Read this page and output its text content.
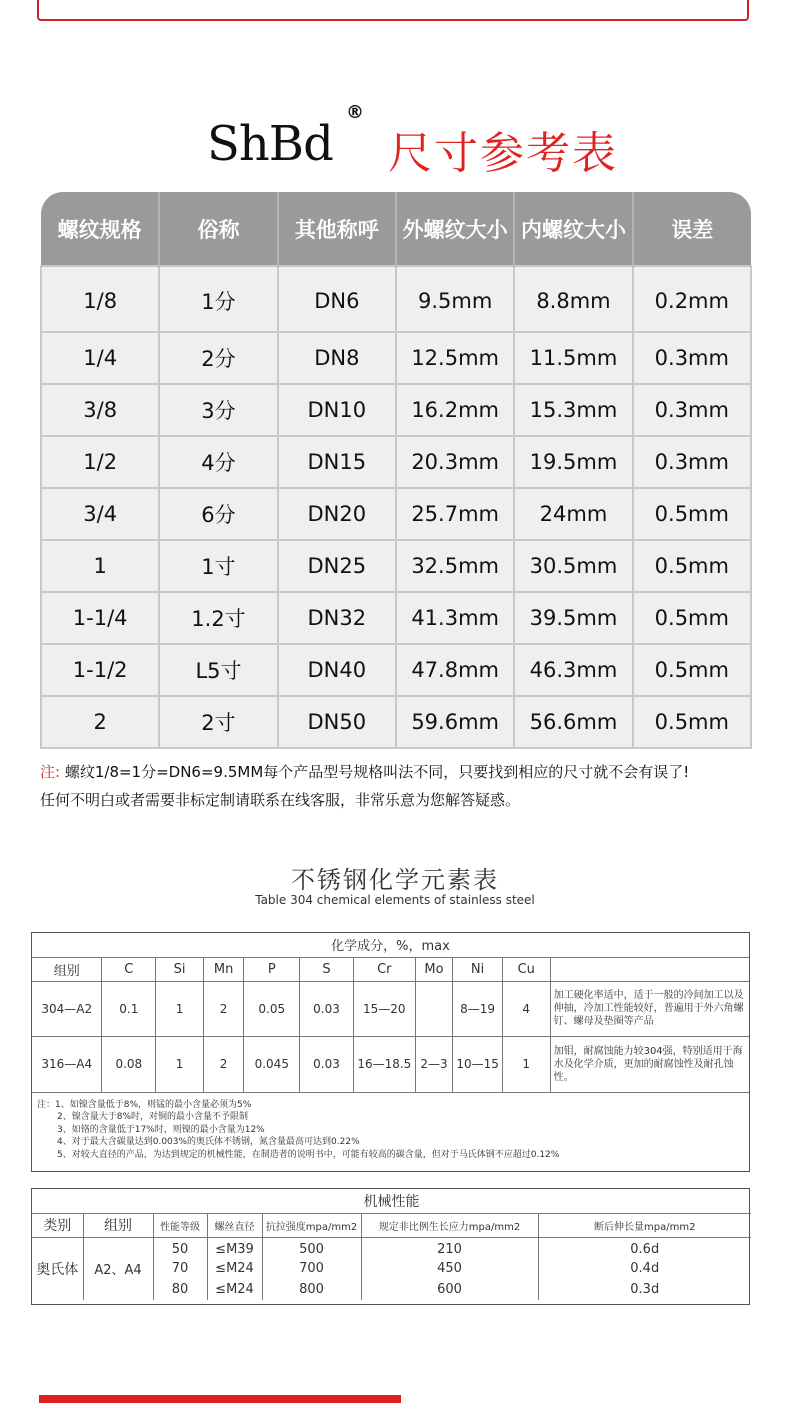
ShBd
®
尺寸参考表
螺纹规格	俗称	其他称呼	外螺纹大小	内螺纹大小	误差
1/8	1分	DN6	9.5mm	8.8mm	0.2mm
1/4	2分	DN8	12.5mm	11.5mm	0.3mm
3/8	3分	DN10	16.2mm	15.3mm	0.3mm
1/2	4分	DN15	20.3mm	19.5mm	0.3mm
3/4	6分	DN20	25.7mm	24mm	0.5mm
1	1寸	DN25	32.5mm	30.5mm	0.5mm
1-1/4	1.2寸	DN32	41.3mm	39.5mm	0.5mm
1-1/2	L5寸	DN40	47.8mm	46.3mm	0.5mm
2	2寸	DN50	59.6mm	56.6mm	0.5mm
注: 螺纹1/8=1分=DN6=9.5MM每个产品型号规格叫法不同，只要找到相应的尺寸就不会有误了!
任何不明白或者需要非标定制请联系在线客服，非常乐意为您解答疑惑。
不锈钢化学元素表
Table 304 chemical elements of stainless steel
化学成分，%，max										
组别	C	Si	Mn	P	S	Cr	Mo	Ni	Cu	
304—A2	0.1	1	2	0.05	0.03	15—20		8—19	4	加工硬化率适中，适于一般的冷间加工以及伸抽，冷加工性能较好，普遍用于外六角螺钉、螺母及垫圈等产品
316—A4	0.08	1	2	0.045	0.03	16—18.5	2—3	10—15	1	加钼，耐腐蚀能力较304强，特别适用于海水及化学介质，更加的耐腐蚀性及耐孔蚀性。
注：1、如镍含量低于8%，则锰的最小含量必须为5%
2、镍含量大于8%时，对铜的最小含量不予限制
3、如铬的含量低于17%时，则镍的最小含量为12%
4、对于最大含碳量达到0.003%的奥氏体不锈钢，氮含量最高可达到0.22%
5、对较大直径的产品，为达到规定的机械性能，在制造者的说明书中，可能有较高的碳含量，但对于马氏体钢不应超过0.12%
机械性能						
类别	组别	性能等级	螺丝直径	抗拉强度mpa/mm2	规定非比例生长应力mpa/mm2	断后伸长量mpa/mm2
奥氏体	A2、A4	50	≤M39	500	210	0.6d
		70	≤M24	700	450	0.4d
		80	≤M24	800	600	0.3d
